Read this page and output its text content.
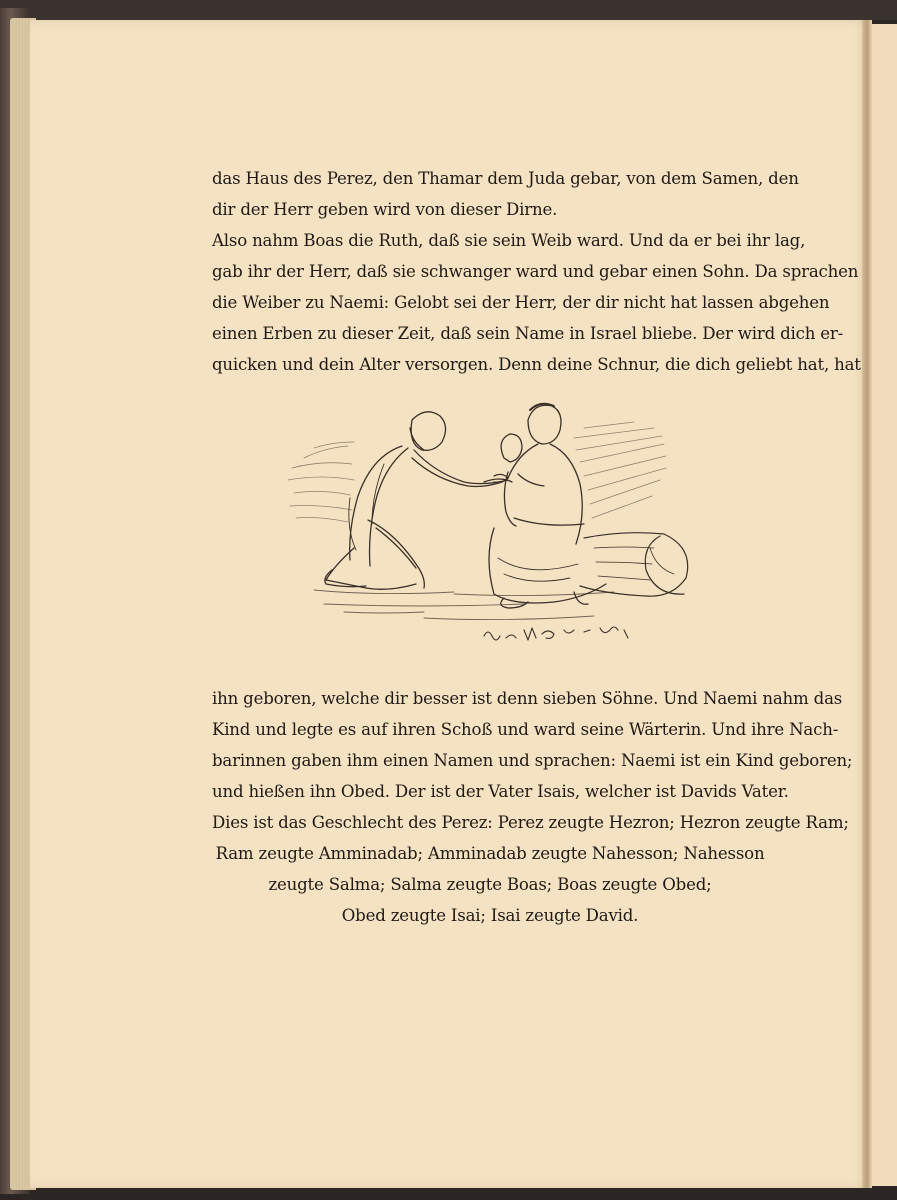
das Haus des Perez, den Thamar dem Juda gebar, von dem Samen, den
dir der Herr geben wird von dieser Dirne.
Also nahm Boas die Ruth, daß sie sein Weib ward. Und da er bei ihr lag,
gab ihr der Herr, daß sie schwanger ward und gebar einen Sohn. Da sprachen
die Weiber zu Naemi: Gelobt sei der Herr, der dir nicht hat lassen abgehen
einen Erben zu dieser Zeit, daß sein Name in Israel bliebe. Der wird dich er-
quicken und dein Alter versorgen. Denn deine Schnur, die dich geliebt hat, hat
ihn geboren, welche dir besser ist denn sieben Söhne. Und Naemi nahm das
Kind und legte es auf ihren Schoß und ward seine Wärterin. Und ihre Nach-
barinnen gaben ihm einen Namen und sprachen: Naemi ist ein Kind geboren;
und hießen ihn Obed. Der ist der Vater Isais, welcher ist Davids Vater.
Dies ist das Geschlecht des Perez: Perez zeugte Hezron; Hezron zeugte Ram;
Ram zeugte Amminadab; Amminadab zeugte Nahesson; Nahesson
zeugte Salma; Salma zeugte Boas; Boas zeugte Obed;
Obed zeugte Isai; Isai zeugte David.
